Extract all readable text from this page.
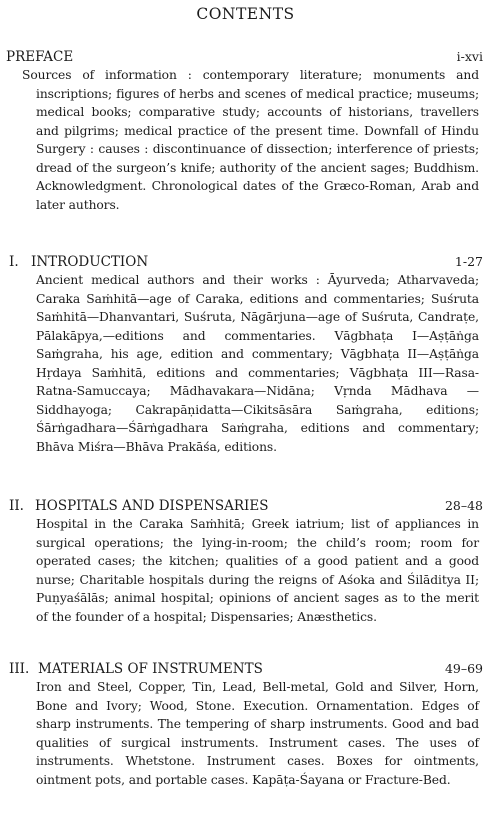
CONTENTS
PREFACE	i-xvi
Sources of information : contemporary literature; monuments and inscriptions; figures of herbs and scenes of medical practice; museums; medical books; comparative study; accounts of historians, travellers and pilgrims; medical practice of the present time. Downfall of Hindu Surgery : causes : discontinuance of dissection; interference of priests; dread of the surgeon’s knife; authority of the ancient sages; Buddhism. Acknowledgment. Chronological dates of the Græco-Roman, Arab and later authors.
I. INTRODUCTION	1-27
Ancient medical authors and their works : Āyurveda; Atharvaveda; Caraka Saṁhitā—age of Caraka, editions and commentaries; Suśruta Saṁhitā—Dhanvantari, Suśruta, Nāgārjuna—age of Suśruta, Candraṭe, Pālakāpya,—editions and commentaries. Vāgbhaṭa I—Aṣṭāṅga Saṁgraha, his age, edition and commentary; Vāgbhaṭa II—Aṣṭāṅga Hṛdaya Saṁhitā, editions and commentaries; Vāgbhaṭa III—Rasa-Ratna-Samuccaya; Mādhavakara—Nidāna; Vṛnda Mādhava —Siddhayoga; Cakrapāṇidatta—Cikitsāsāra Saṁgraha, editions; Śārṅgadhara—Śārṅgadhara Saṁgraha, editions and commentary; Bhāva Miśra—Bhāva Prakāśa, editions.
II. HOSPITALS AND DISPENSARIES	28–48
Hospital in the Caraka Saṁhitā; Greek iatrium; list of appliances in surgical operations; the lying-in-room; the child’s room; room for operated cases; the kitchen; qualities of a good patient and a good nurse; Charitable hospitals during the reigns of Aśoka and Śilāditya II; Puṇyaśālās; animal hospital; opinions of ancient sages as to the merit of the founder of a hospital; Dispensaries; Anæsthetics.
III. MATERIALS OF INSTRUMENTS	49–69
Iron and Steel, Copper, Tin, Lead, Bell-metal, Gold and Silver, Horn, Bone and Ivory; Wood, Stone. Execution. Ornamentation. Edges of sharp instruments. The tempering of sharp instruments. Good and bad qualities of surgical instruments. Instrument cases. The uses of instruments. Whetstone. Instrument cases. Boxes for ointments, ointment pots, and portable cases. Kapāṭa-Śayana or Fracture-Bed.
